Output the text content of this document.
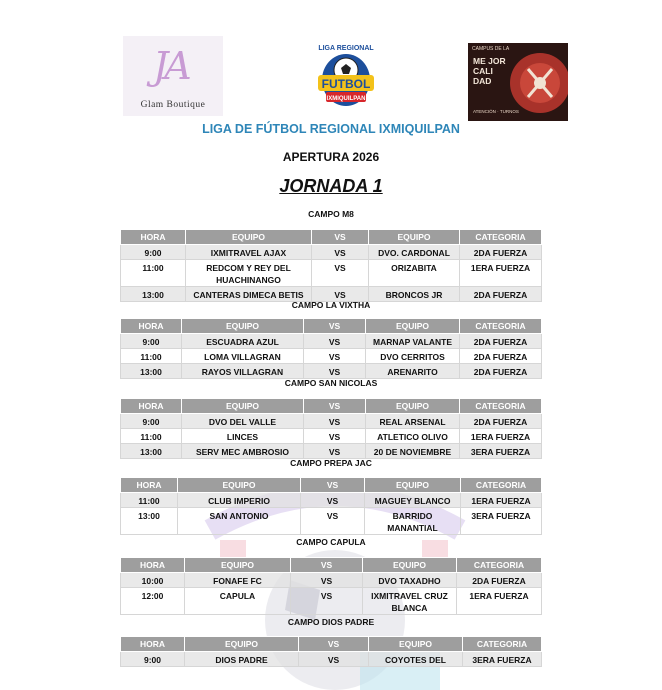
JA
Glam Boutique
LIGA REGIONAL
FUTBOL
IXMIQUILPAN
CAMPUS DE LA
ME JOR CALI DAD
ATENCIÓN · TURNOS
LIGA DE FÚTBOL REGIONAL IXMIQUILPAN
APERTURA 2026
JORNADA 1
CAMPO M8
HORA	EQUIPO	VS	EQUIPO	CATEGORIA
9:00	IXMITRAVEL AJAX	VS	DVO. CARDONAL	2DA FUERZA
11:00	REDCOM Y REY DEL HUACHINANGO	VS	ORIZABITA	1ERA FUERZA
13:00	CANTERAS DIMECA BETIS	VS	BRONCOS JR	2DA FUERZA
CAMPO LA VIXTHA
HORA	EQUIPO	VS	EQUIPO	CATEGORIA
9:00	ESCUADRA AZUL	VS	MARNAP VALANTE	2DA FUERZA
11:00	LOMA VILLAGRAN	VS	DVO CERRITOS	2DA FUERZA
13:00	RAYOS VILLAGRAN	VS	ARENARITO	2DA FUERZA
CAMPO SAN NICOLAS
HORA	EQUIPO	VS	EQUIPO	CATEGORIA
9:00	DVO DEL VALLE	VS	REAL ARSENAL	2DA FUERZA
11:00	LINCES	VS	ATLETICO OLIVO	1ERA FUERZA
13:00	SERV MEC AMBROSIO	VS	20 DE NOVIEMBRE	3ERA FUERZA
CAMPO PREPA JAC
HORA	EQUIPO	VS	EQUIPO	CATEGORIA
11:00	CLUB IMPERIO	VS	MAGUEY BLANCO	1ERA FUERZA
13:00	SAN ANTONIO	VS	BARRIDO MANANTIAL	3ERA FUERZA
CAMPO CAPULA
HORA	EQUIPO	VS	EQUIPO	CATEGORIA
10:00	FONAFE FC	VS	DVO TAXADHO	2DA FUERZA
12:00	CAPULA	VS	IXMITRAVEL CRUZ BLANCA	1ERA FUERZA
CAMPO DIOS PADRE
HORA	EQUIPO	VS	EQUIPO	CATEGORIA
9:00	DIOS PADRE	VS	COYOTES DEL	3ERA FUERZA
